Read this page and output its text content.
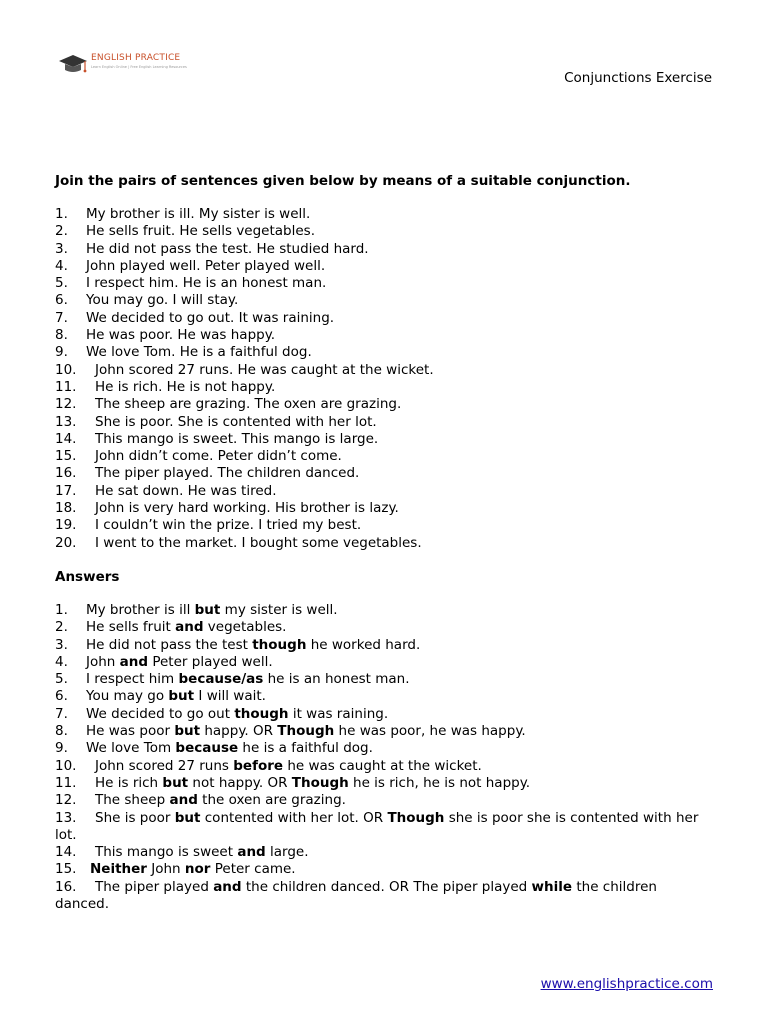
ENGLISH PRACTICE
Learn English Online | Free English Learning Resources
Conjunctions Exercise
Join the pairs of sentences given below by means of a suitable conjunction.
1. My brother is ill. My sister is well.
2. He sells fruit. He sells vegetables.
3. He did not pass the test. He studied hard.
4. John played well. Peter played well.
5. I respect him. He is an honest man.
6. You may go. I will stay.
7. We decided to go out. It was raining.
8. He was poor. He was happy.
9. We love Tom. He is a faithful dog.
10. John scored 27 runs. He was caught at the wicket.
11. He is rich. He is not happy.
12. The sheep are grazing. The oxen are grazing.
13. She is poor. She is contented with her lot.
14. This mango is sweet. This mango is large.
15. John didn’t come. Peter didn’t come.
16. The piper played. The children danced.
17. He sat down. He was tired.
18. John is very hard working. His brother is lazy.
19. I couldn’t win the prize. I tried my best.
20. I went to the market. I bought some vegetables.
Answers
1. My brother is ill but my sister is well.
2. He sells fruit and vegetables.
3. He did not pass the test though he worked hard.
4. John and Peter played well.
5. I respect him because/as he is an honest man.
6. You may go but I will wait.
7. We decided to go out though it was raining.
8. He was poor but happy. OR Though he was poor, he was happy.
9. We love Tom because he is a faithful dog.
10. John scored 27 runs before he was caught at the wicket.
11. He is rich but not happy. OR Though he is rich, he is not happy.
12. The sheep and the oxen are grazing.
13. She is poor but contented with her lot. OR Though she is poor she is contented with her lot.
14. This mango is sweet and large.
15. Neither John nor Peter came.
16. The piper played and the children danced. OR The piper played while the children danced.
www.englishpractice.com
